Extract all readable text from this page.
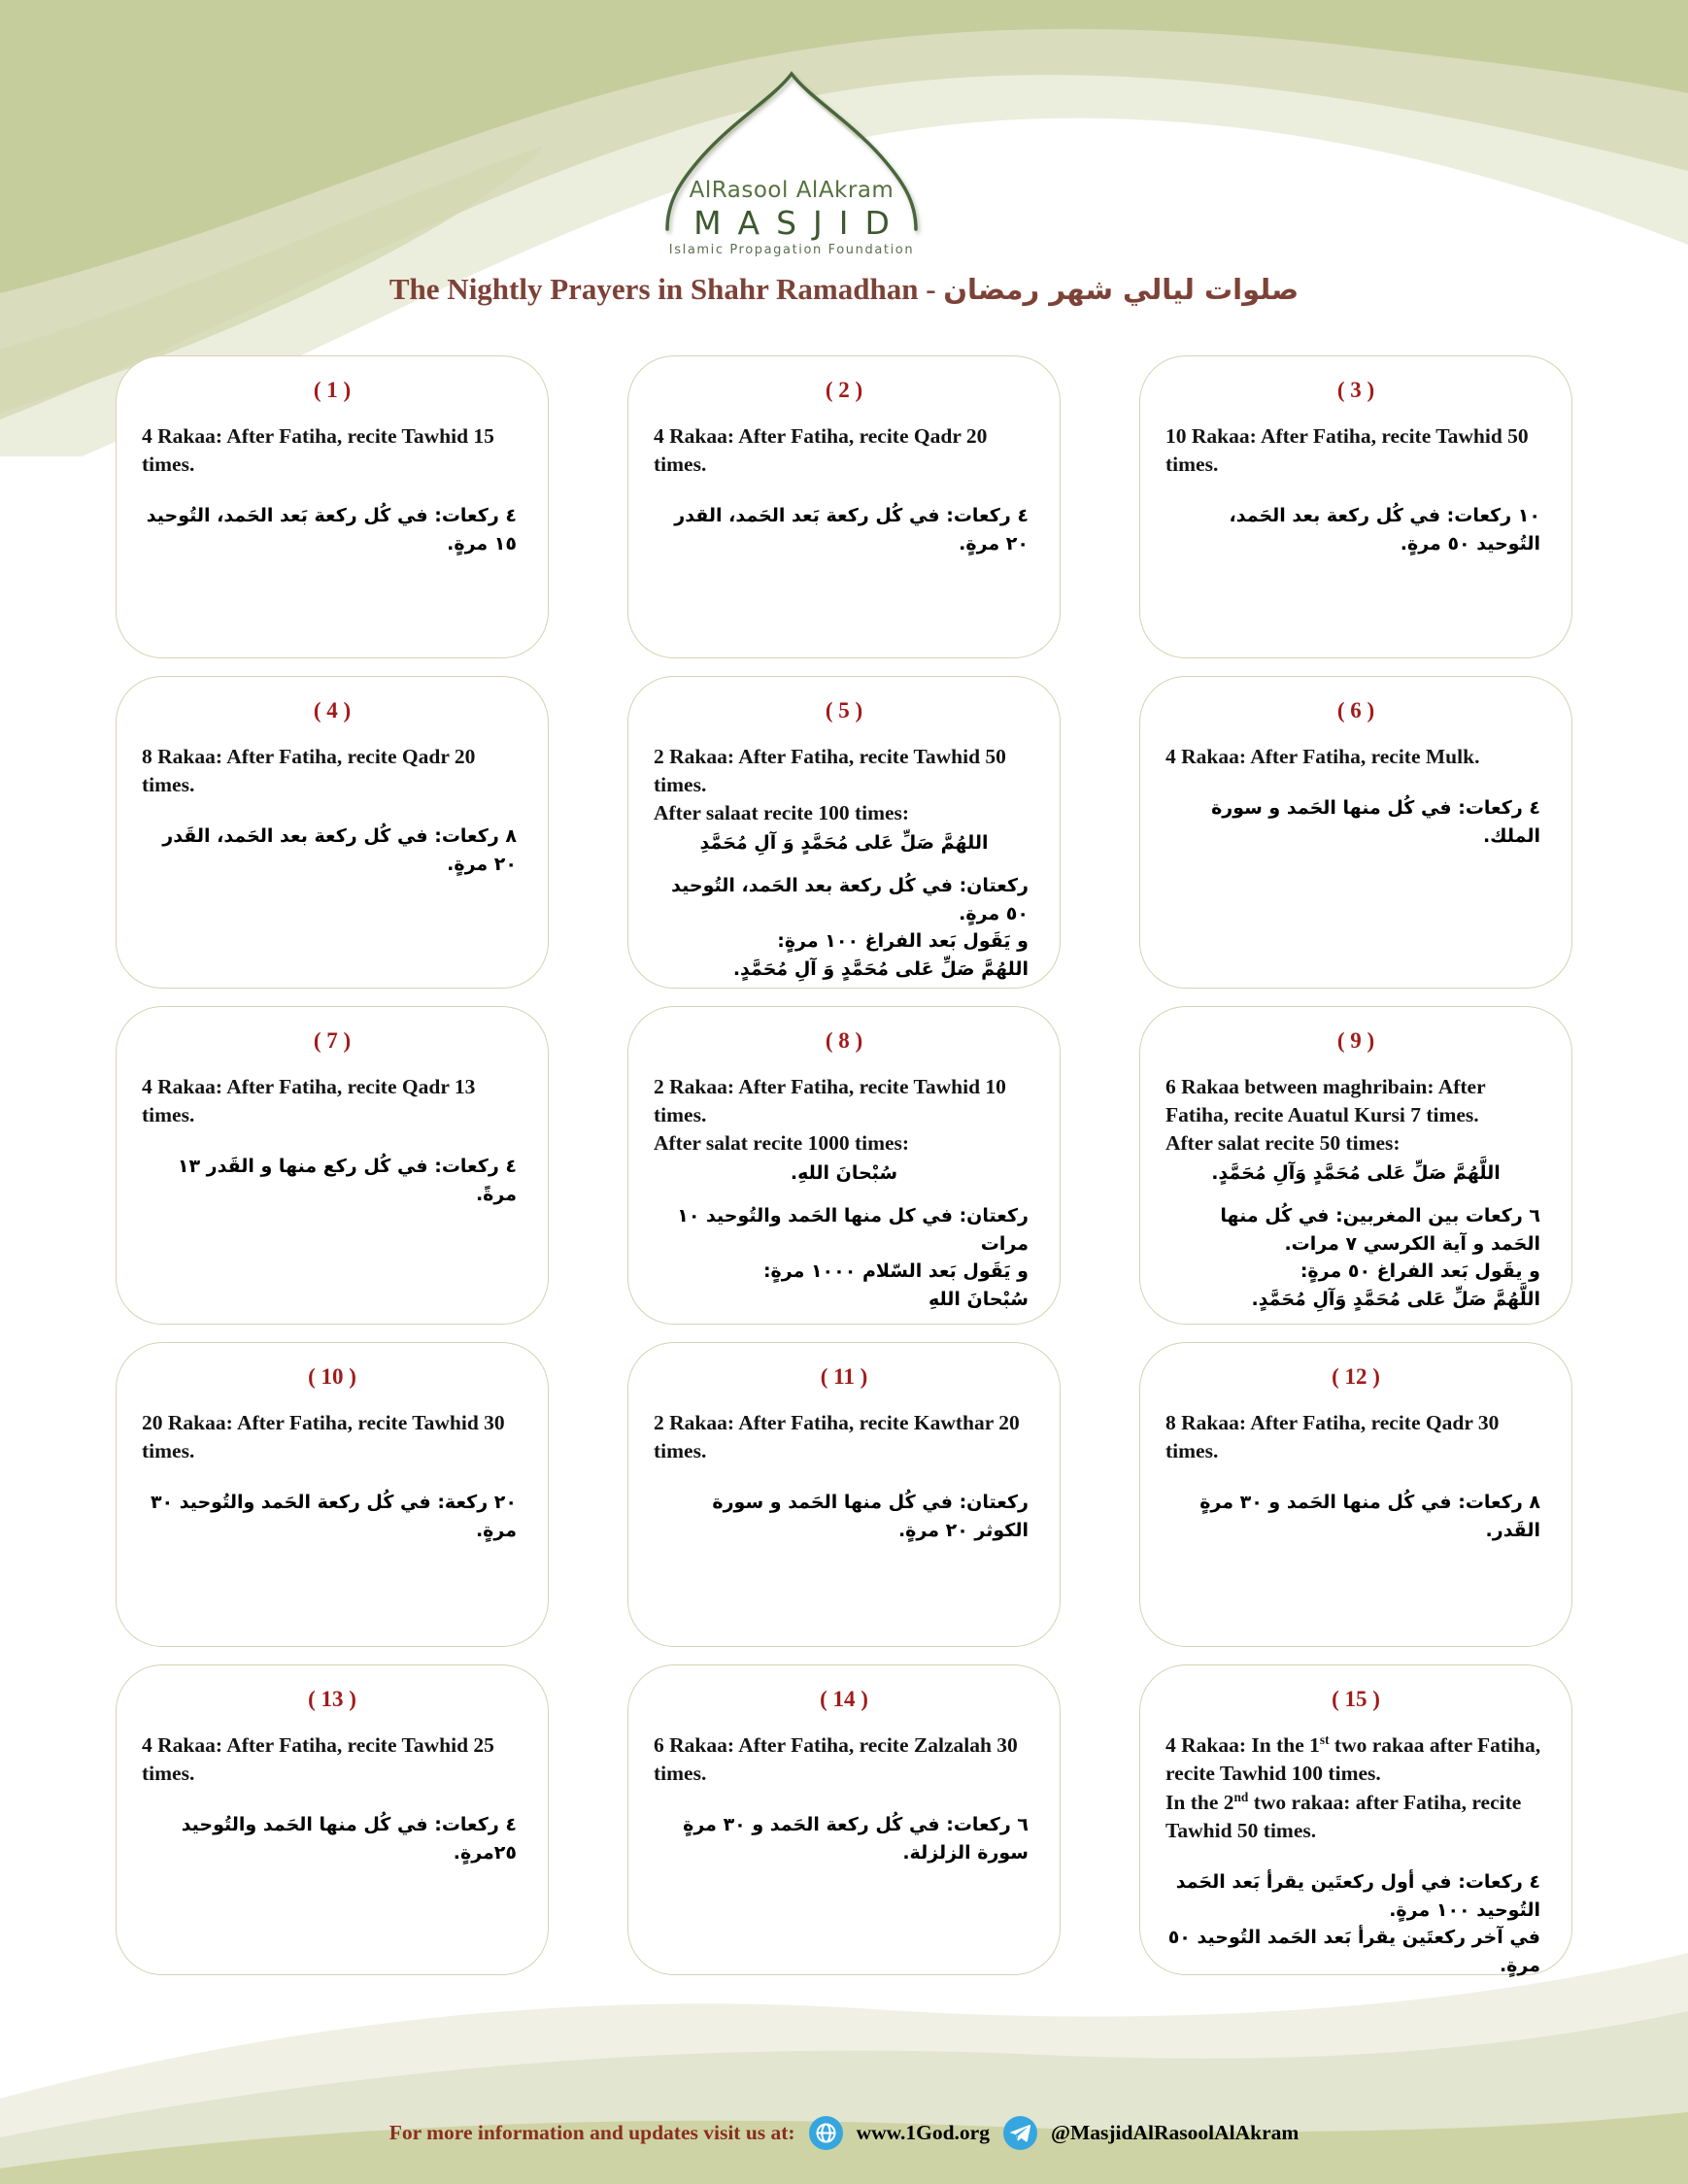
AlRasool AlAkram
MASJID
Islamic Propagation Foundation
The Nightly Prayers in Shahr Ramadhan - صلوات ليالي شهر رمضان
( 1 )
4 Rakaa: After Fatiha, recite Tawhid 15 times.
٤ ركعات: في كُل ركعة بَعد الحَمد، التُوحيد ١٥ مرةٍ.
( 2 )
4 Rakaa: After Fatiha, recite Qadr 20 times.
٤ ركعات: في كُل ركعة بَعد الحَمد، القدر ٢٠ مرةٍ.
( 3 )
10 Rakaa: After Fatiha, recite Tawhid 50 times.
١٠ ركعات: في كُل ركعة بعد الحَمد، التُوحيد ٥٠ مرةٍ.
( 4 )
8 Rakaa: After Fatiha, recite Qadr 20 times.
٨ ركعات: في كُل ركعة بعد الحَمد، القَدر ٢٠ مرةٍ.
( 5 )
2 Rakaa: After Fatiha, recite Tawhid 50 times.
After salaat recite 100 times:
اللهُمَّ صَلِّ عَلى مُحَمَّدٍ وَ آلِ مُحَمَّدِ
ركعتان: في كُل ركعة بعد الحَمد، التُوحيد ٥٠ مرةٍ.
و يَقَول بَعد الفراغ ١٠٠ مرةٍ:
اللهُمَّ صَلِّ عَلى مُحَمَّدٍ وَ آلِ مُحَمَّدٍ.
( 6 )
4 Rakaa: After Fatiha, recite Mulk.
٤ ركعات: في كُل منها الحَمد و سورة الملك.
( 7 )
4 Rakaa: After Fatiha, recite Qadr 13 times.
٤ ركعات: في كُل ركع منها و القَدر ١٣ مرةً.
( 8 )
2 Rakaa: After Fatiha, recite Tawhid 10 times.
After salat recite 1000 times:
سُبْحانَ اللهِ.
ركعتان: في كل منها الحَمد والتُوحيد ١٠ مرات
و يَقَول بَعد السّلام ١٠٠٠ مرةٍ:
سُبْحانَ اللهِ
( 9 )
6 Rakaa between maghribain: After Fatiha, recite Auatul Kursi 7 times.
After salat recite 50 times:
اللَّهُمَّ صَلِّ عَلى مُحَمَّدٍ وَآلِ مُحَمَّدٍ.
٦ ركعات بين المغربين: في كُل منها الحَمد و آية الكرسي ٧ مرات.
و يقَول بَعد الفراغ ٥٠ مرةٍ:
اللَّهُمَّ صَلِّ عَلى مُحَمَّدٍ وَآلِ مُحَمَّدٍ.
( 10 )
20 Rakaa: After Fatiha, recite Tawhid 30 times.
٢٠ ركعة: في كُل ركعة الحَمد والتُوحيد ٣٠ مرةٍ.
( 11 )
2 Rakaa: After Fatiha, recite Kawthar 20 times.
ركعتان: في كُل منها الحَمد و سورة الكوثر ٢٠ مرةٍ.
( 12 )
8 Rakaa: After Fatiha, recite Qadr 30 times.
٨ ركعات: في كُل منها الحَمد و ٣٠ مرةٍ القَدر.
( 13 )
4 Rakaa: After Fatiha, recite Tawhid 25 times.
٤ ركعات: في كُل منها الحَمد والتُوحيد ٢٥مرةٍ.
( 14 )
6 Rakaa: After Fatiha, recite Zalzalah 30 times.
٦ ركعات: في كُل ركعة الحَمد و ٣٠ مرةٍ سورة الزلزلة.
( 15 )
4 Rakaa: In the 1st two rakaa after Fatiha, recite Tawhid 100 times.
In the 2nd two rakaa: after Fatiha, recite Tawhid 50 times.
٤ ركعات: في أول ركعتَين يقرأ بَعد الحَمد التُوحيد ١٠٠ مرةٍ.
في آخر ركعتَين يقرأ بَعد الحَمد التُوحيد ٥٠ مرةٍ.
For more information and updates visit us at:	www.1God.org	@MasjidAlRasoolAlAkram
